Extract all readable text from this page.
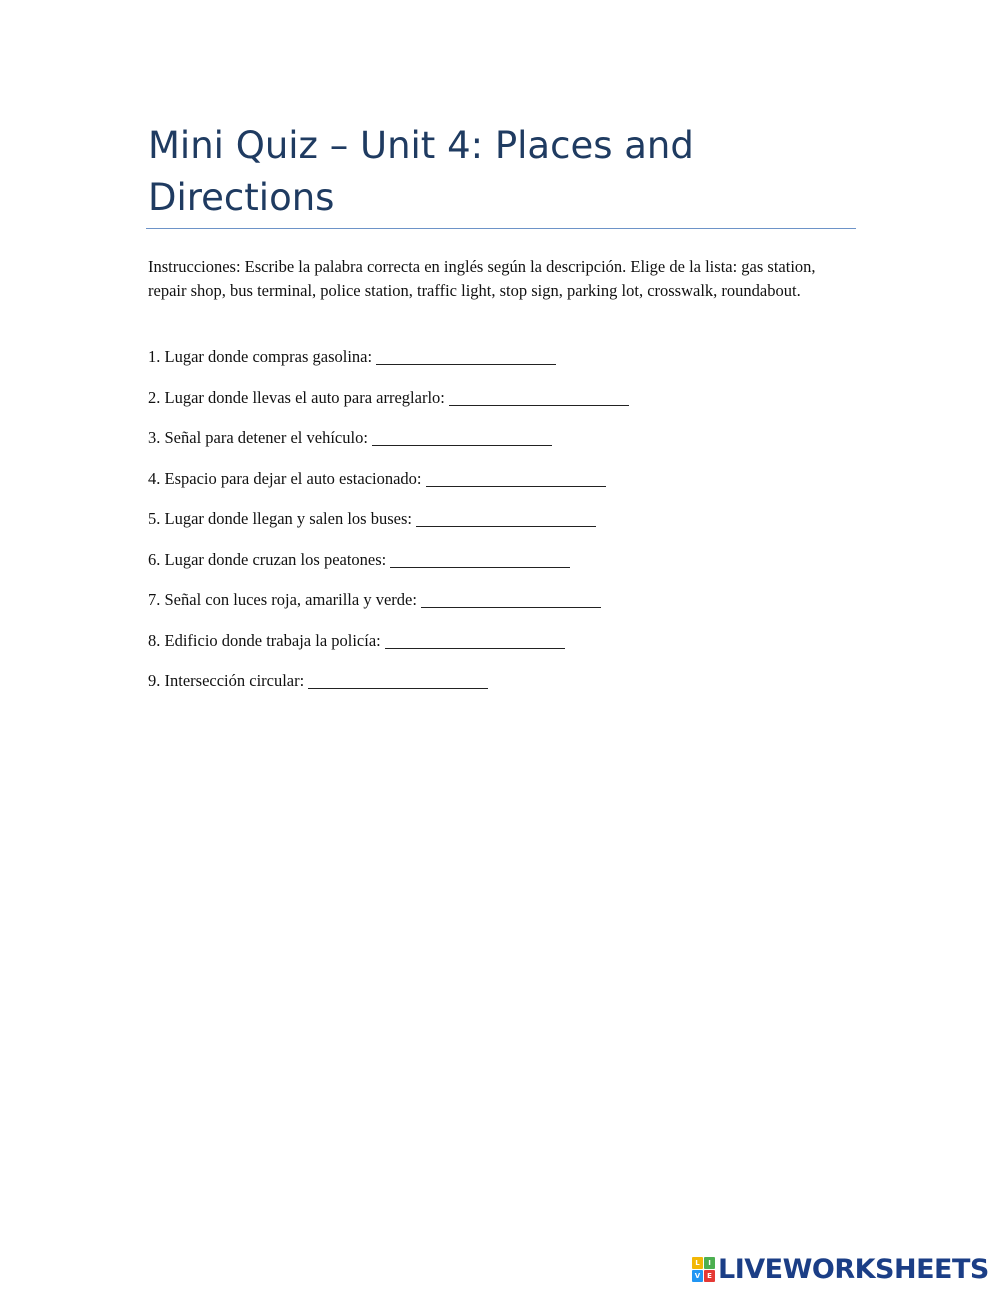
Mini Quiz – Unit 4: Places and Directions

Instrucciones: Escribe la palabra correcta en inglés según la descripción. Elige de la lista: gas station, repair shop, bus terminal, police station, traffic light, stop sign, parking lot, crosswalk, roundabout.

1. Lugar donde compras gasolina:
2. Lugar donde llevas el auto para arreglarlo:
3. Señal para detener el vehículo:
4. Espacio para dejar el auto estacionado:
5. Lugar donde llegan y salen los buses:
6. Lugar donde cruzan los peatones:
7. Señal con luces roja, amarilla y verde:
8. Edificio donde trabaja la policía:
9. Intersección circular:
L	I
V E LIVEWORKSHEETS
